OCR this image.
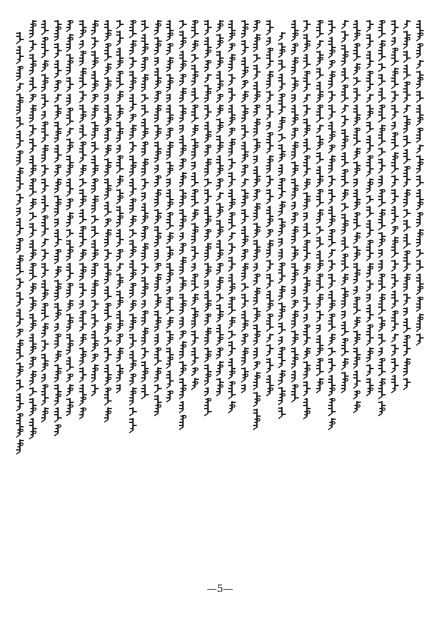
—5—
